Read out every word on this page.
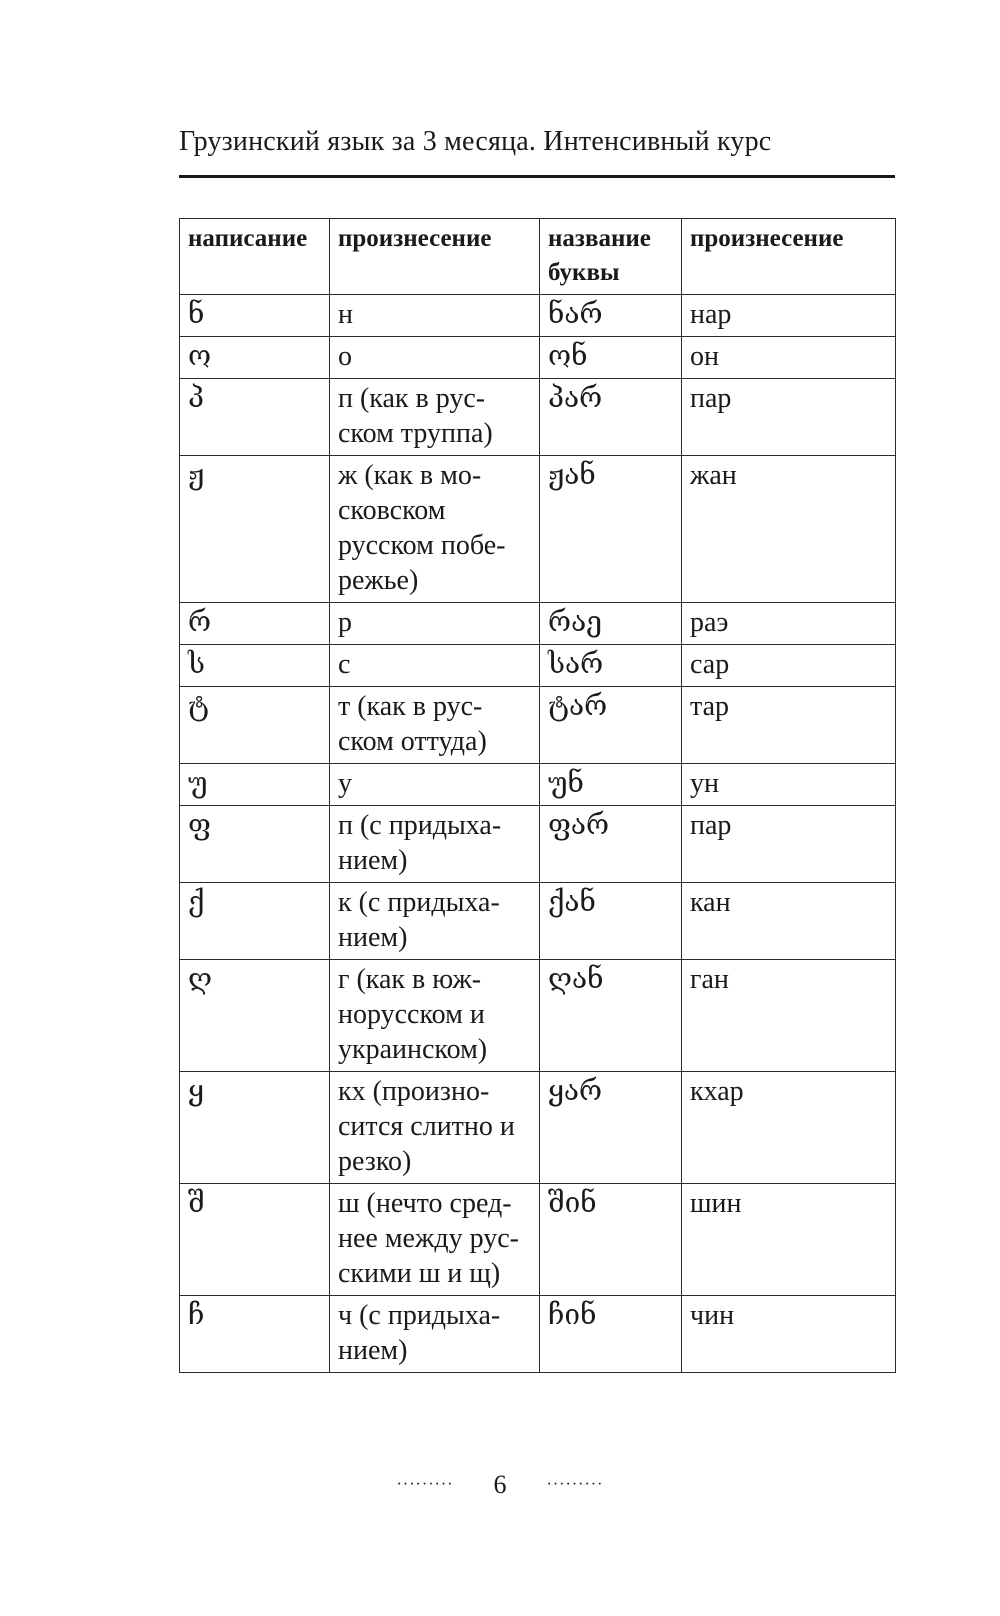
Грузинский язык за 3 месяца. Интенсивный курс
написание	произнесение	название буквы	произнесение
ნ	н	ნარ	нар
ო	о	ონ	он
პ	п (как в рус-ском труппа)	პარ	пар
ჟ	ж (как в мо-сковском русском побе-режье)	ჟან	жан
რ	р	რაე	раэ
ს	с	სარ	сар
ტ	т (как в рус-ском оттуда)	ტარ	тар
უ	у	უნ	ун
ფ	п (с придыха-нием)	ფარ	пар
ქ	к (с придыха-нием)	ქან	кан
ღ	г (как в юж-норусском и украинском)	ღან	ган
ყ	кх (произно-сится слитно и резко)	ყარ	кхар
შ	ш (нечто сред-нее между рус-скими ш и щ)	შინ	шин
ჩ	ч (с придыха-нием)	ჩინ	чин
········· 6	·········
